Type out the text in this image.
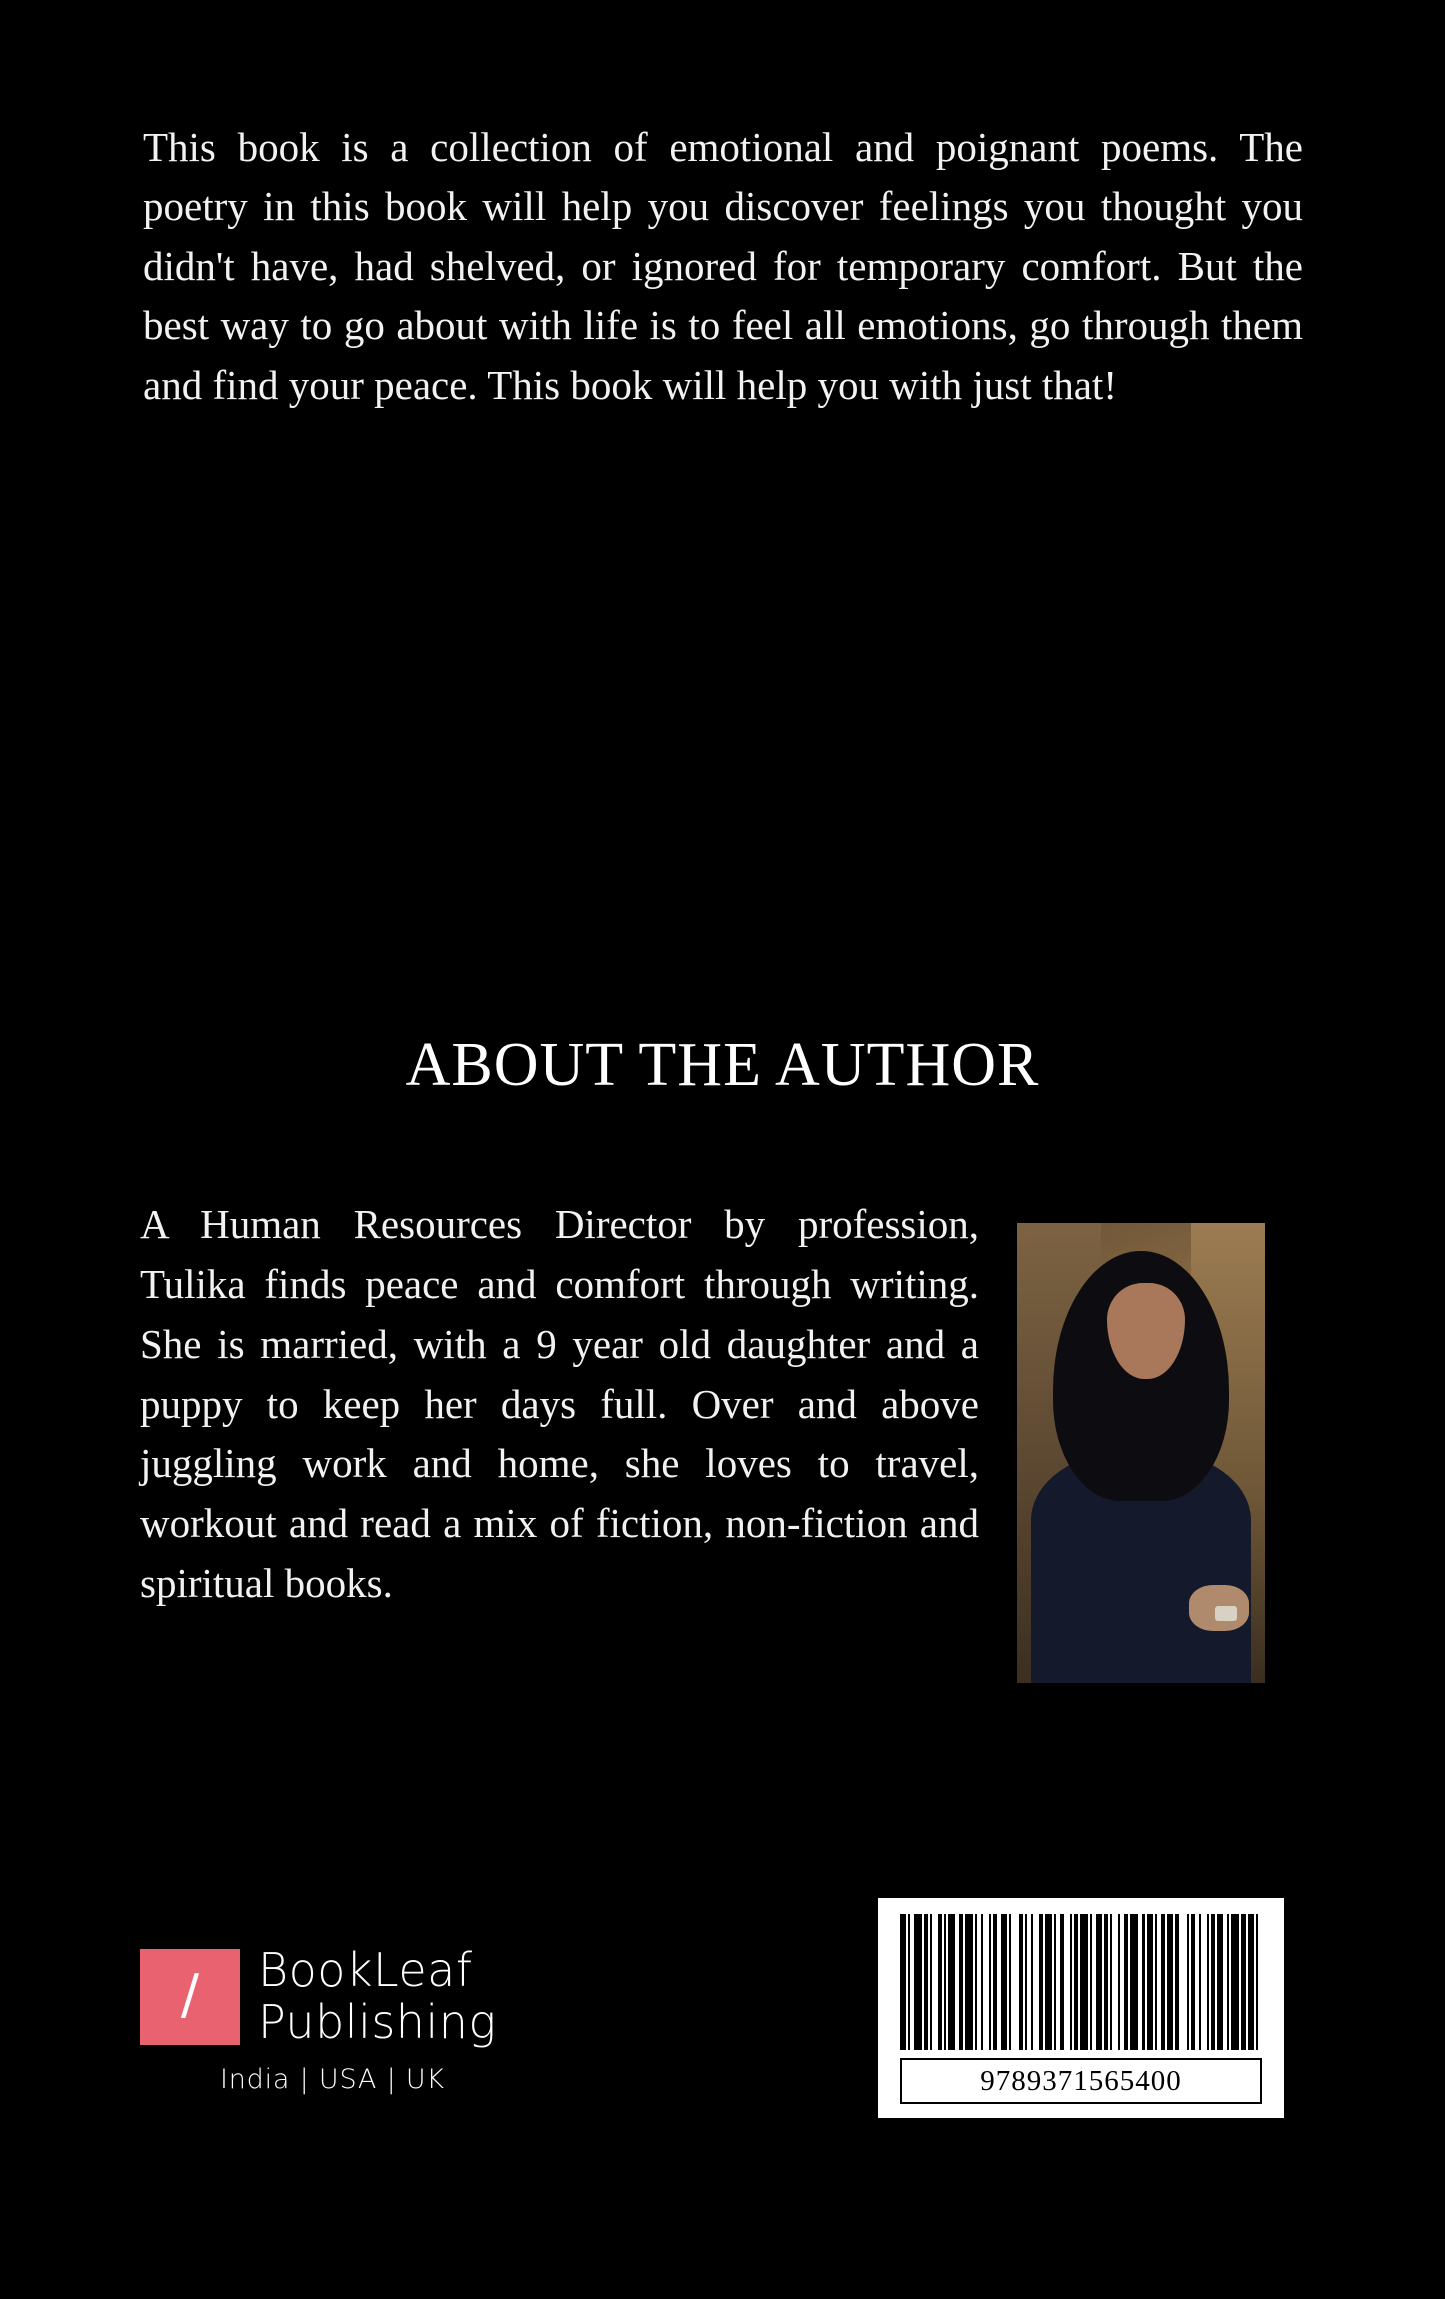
This book is a collection of emotional and poignant poems. The poetry in this book will help you discover feelings you thought you didn't have, had shelved, or ignored for temporary comfort. But the best way to go about with life is to feel all emotions, go through them and find your peace. This book will help you with just that!
ABOUT THE AUTHOR
A Human Resources Director by profession, Tulika finds peace and comfort through writing. She is married, with a 9 year old daughter and a puppy to keep her days full. Over and above juggling work and home, she loves to travel, workout and read a mix of fiction, non-fiction and spiritual books.
/ BookLeaf
Publishing
India | USA | UK	9789371565400
